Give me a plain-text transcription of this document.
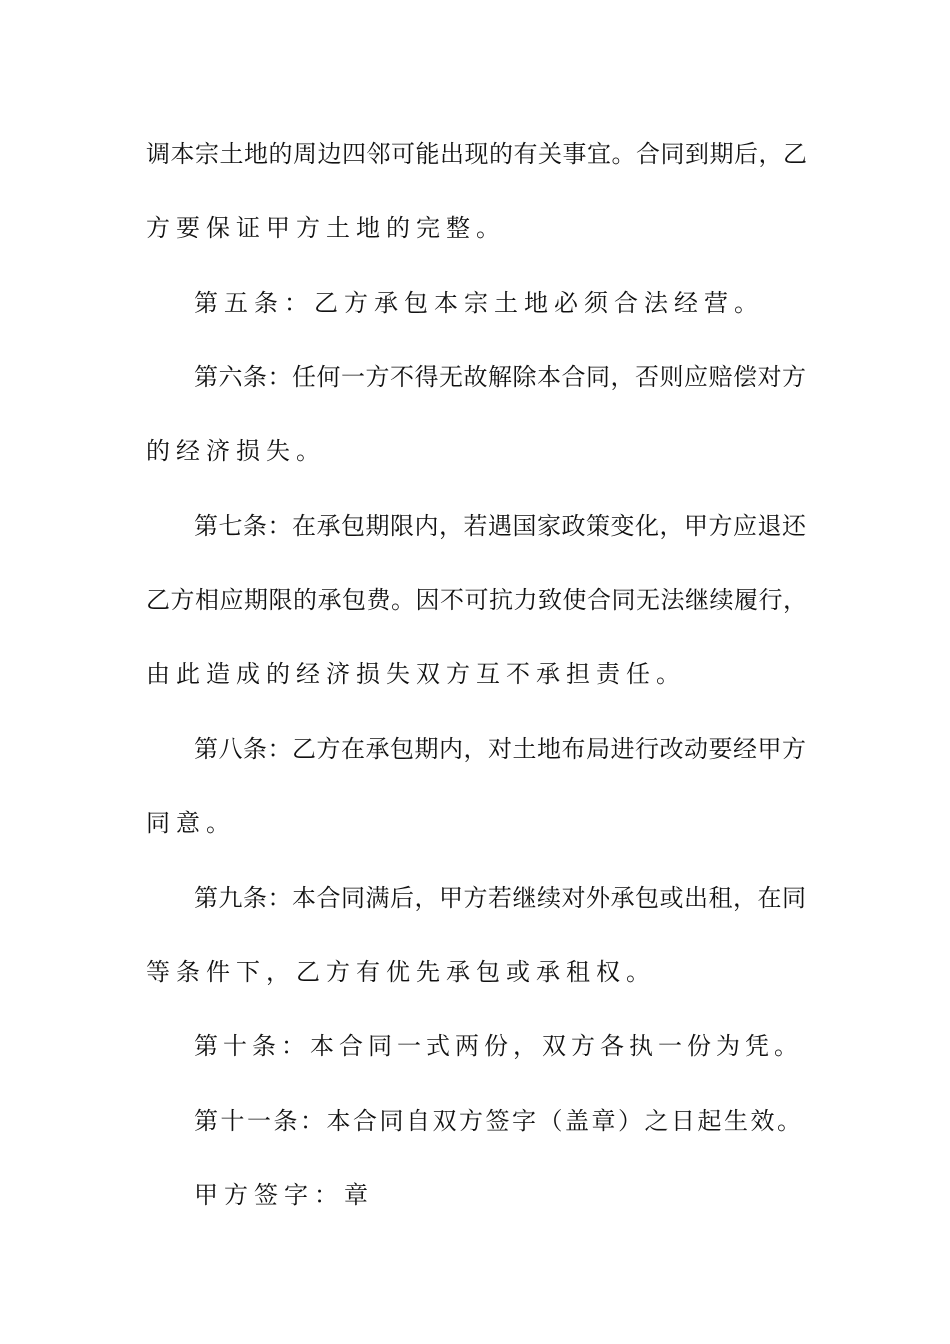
调本宗土地的周边四邻可能出现的有关事宜。合同到期后，乙
方要保证甲方土地的完整。
第五条：乙方承包本宗土地必须合法经营。
第六条：任何一方不得无故解除本合同，否则应赔偿对方
的经济损失。
第七条：在承包期限内，若遇国家政策变化，甲方应退还
乙方相应期限的承包费。因不可抗力致使合同无法继续履行，
由此造成的经济损失双方互不承担责任。
第八条：乙方在承包期内，对土地布局进行改动要经甲方
同意。
第九条：本合同满后，甲方若继续对外承包或出租，在同
等条件下，乙方有优先承包或承租权。
第十条：本合同一式两份，双方各执一份为凭。
第十一条：本合同自双方签字（盖章）之日起生效。
甲方签字：章
